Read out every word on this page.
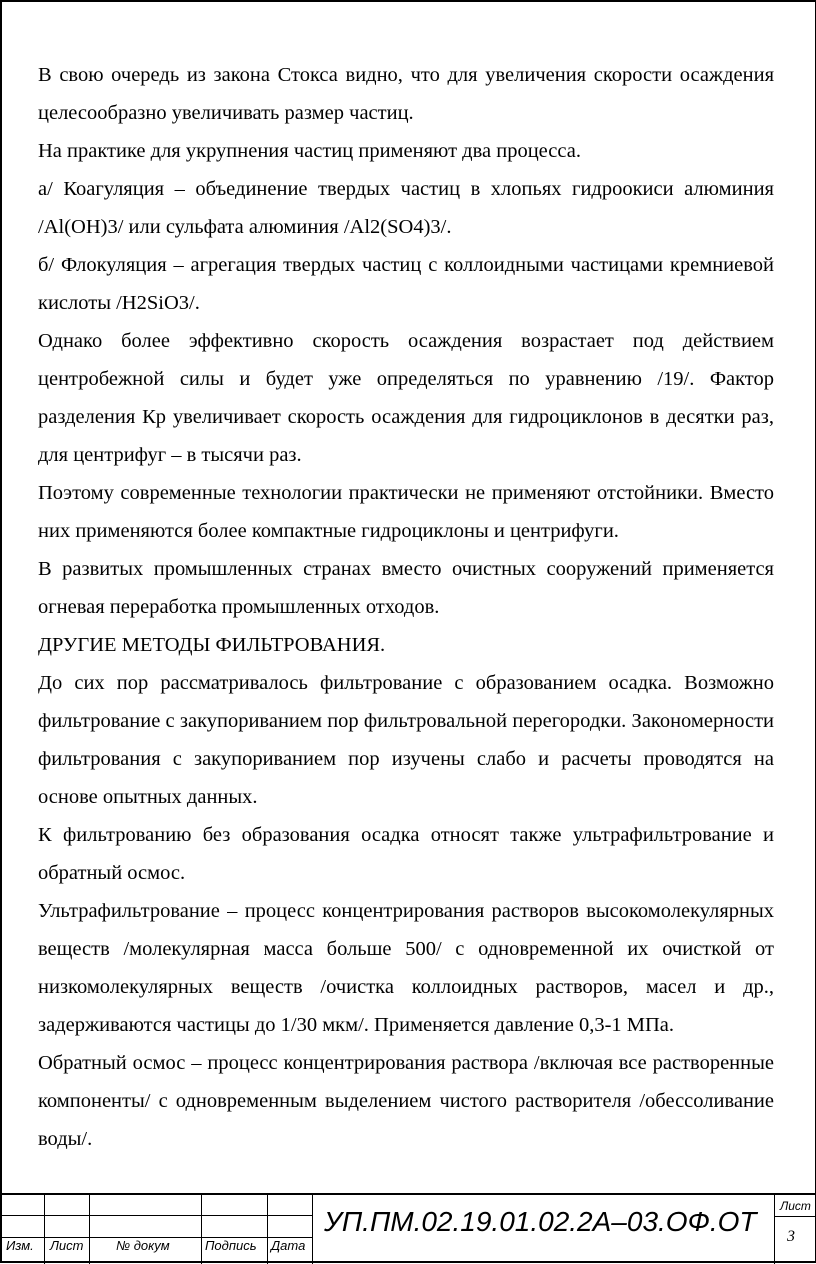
В свою очередь из закона Стокса видно, что для увеличения скорости осаждения целесообразно увеличивать размер частиц.

На практике для укрупнения частиц применяют два процесса.

а/ Коагуляция – объединение твердых частиц в хлопьях гидроокиси алюминия /Al(OH)3/ или сульфата алюминия /Al2(SO4)3/.

б/ Флокуляция – агрегация твердых частиц с коллоидными частицами кремниевой кислоты /H2SiO3/.

Однако более эффективно скорость осаждения возрастает под действием центробежной силы и будет уже определяться по уравнению /19/. Фактор разделения Кр увеличивает скорость осаждения для гидроциклонов в десятки раз, для центрифуг – в тысячи раз.

Поэтому современные технологии практически не применяют отстойники. Вместо них применяются более компактные гидроциклоны и центрифуги.

В развитых промышленных странах вместо очистных сооружений применяется огневая переработка промышленных отходов.

ДРУГИЕ МЕТОДЫ ФИЛЬТРОВАНИЯ.

До сих пор рассматривалось фильтрование с образованием осадка. Возможно фильтрование с закупориванием пор фильтровальной перегородки. Закономерности фильтрования с закупориванием пор изучены слабо и расчеты проводятся на основе опытных данных.

К фильтрованию без образования осадка относят также ультрафильтрование и обратный осмос.

Ультрафильтрование – процесс концентрирования растворов высокомолекулярных веществ /молекулярная масса больше 500/ с одновременной их очисткой от низкомолекулярных веществ /очистка коллоидных растворов, масел и др., задерживаются частицы до 1/30 мкм/. Применяется давление 0,3-1 МПа.

Обратный осмос – процесс концентрирования раствора /включая все растворенные компоненты/ с одновременным выделением чистого растворителя /обессоливание воды/.

Изм. Лист	№ докум	Подпись Дата
УП.ПМ.02.19.01.02.2А–03.ОФ.ОТ Лист
3
